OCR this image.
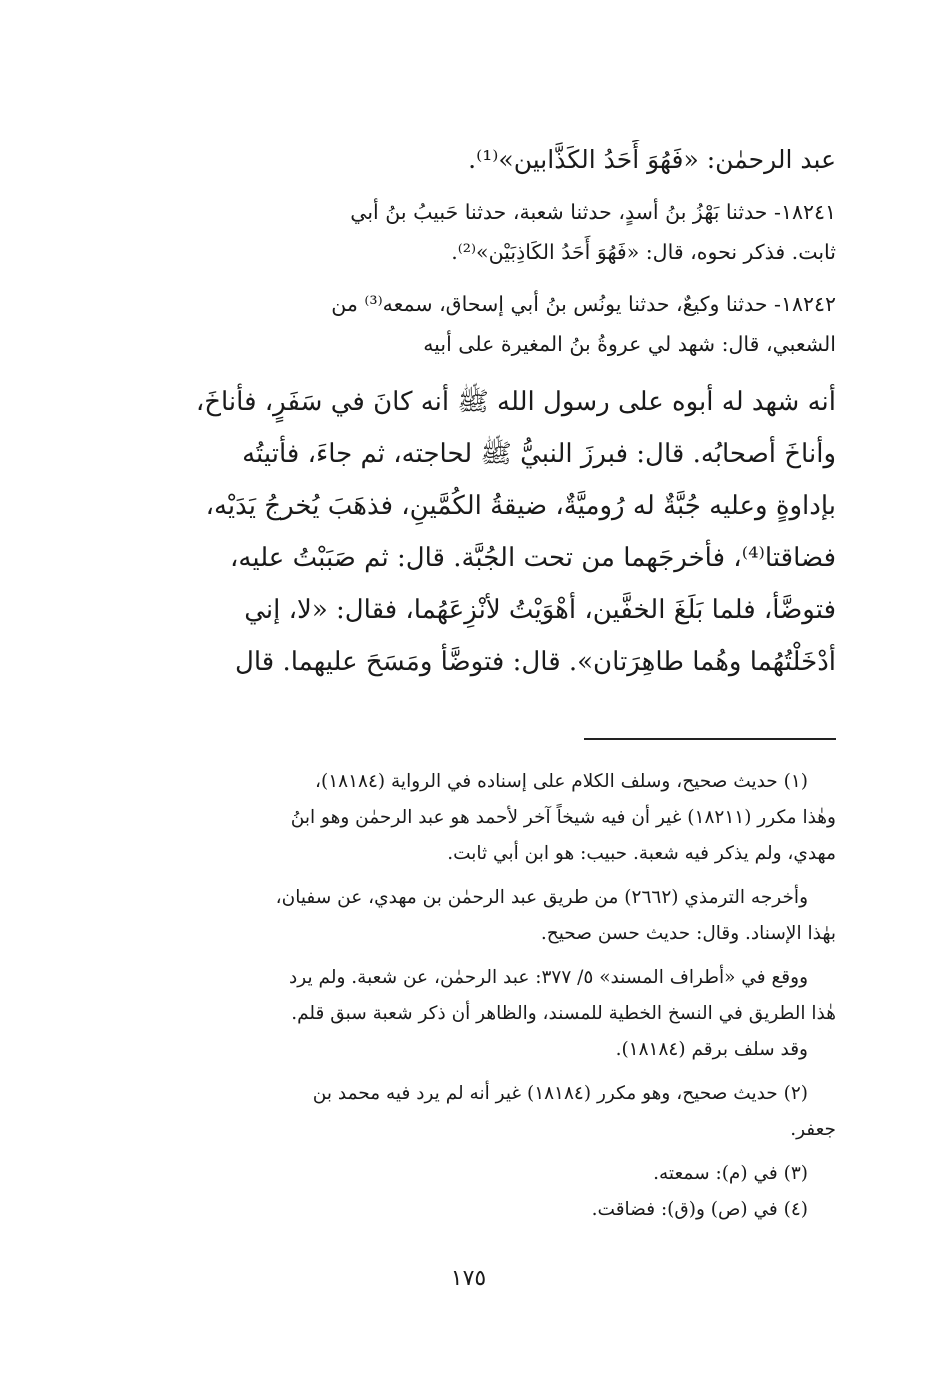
عبد الرحمٰن: «فَهُوَ أَحَدُ الكَذَّابين»⁽¹⁾.
١٨٢٤١- حدثنا بَهْزُ بنُ أسدٍ، حدثنا شعبة، حدثنا حَبيبُ بنُ أبي
ثابت. فذكر نحوه، قال: «فَهُوَ أَحَدُ الكَاذِبَيْن»⁽²⁾.
١٨٢٤٢- حدثنا وكيعٌ، حدثنا يونُس بنُ أبي إسحاق، سمعه⁽³⁾ من
الشعبي، قال: شهد لي عروةُ بنُ المغيرة على أبيه
أنه شهد له أبوه على رسول الله ﷺ أنه كانَ في سَفَرٍ، فأناخَ،
وأناخَ أصحابُه. قال: فبرزَ النبيُّ ﷺ لحاجته، ثم جاءَ، فأتيتُه
بإداوةٍ وعليه جُبَّةٌ له رُوميَّةٌ، ضيقةُ الكُمَّينِ، فذهَبَ يُخرجُ يَدَيْه،
فضاقتا⁽⁴⁾، فأخرجَهما من تحت الجُبَّة. قال: ثم صَبَبْتُ عليه،
فتوضَّأ، فلما بَلَغَ الخفَّين، أهْوَيْتُ لأنْزِعَهُما، فقال: «لا، إني
أدْخَلْتُهُما وهُما طاهِرَتان». قال: فتوضَّأ ومَسَحَ عليهما. قال
(١) حديث صحيح، وسلف الكلام على إسناده في الرواية (١٨١٨٤)،
وهٰذا مكرر (١٨٢١١) غير أن فيه شيخاً آخر لأحمد هو عبد الرحمٰن وهو ابنُ
مهدي، ولم يذكر فيه شعبة. حبيب: هو ابن أبي ثابت.
وأخرجه الترمذي (٢٦٦٢) من طريق عبد الرحمٰن بن مهدي، عن سفيان،
بهٰذا الإسناد. وقال: حديث حسن صحيح.
ووقع في «أطراف المسند» ٥/ ٣٧٧: عبد الرحمٰن، عن شعبة. ولم يرد
هٰذا الطريق في النسخ الخطية للمسند، والظاهر أن ذكر شعبة سبق قلم.
وقد سلف برقم (١٨١٨٤).
(٢) حديث صحيح، وهو مكرر (١٨١٨٤) غير أنه لم يرد فيه محمد بن
جعفر.
(٣) في (م): سمعته.
(٤) في (ص) و(ق): فضاقت.
١٧٥
